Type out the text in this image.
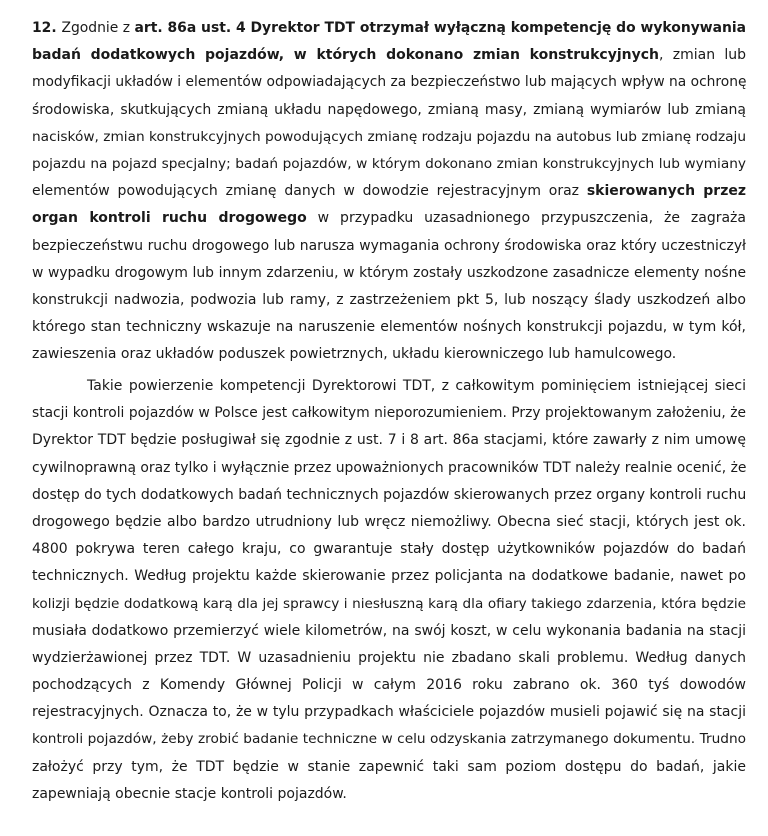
12. Zgodnie z art. 86a ust. 4 Dyrektor TDT otrzymał wyłączną kompetencję do wykonywania
badań dodatkowych pojazdów, w których dokonano zmian konstrukcyjnych, zmian lub
modyfikacji układów i elementów odpowiadających za bezpieczeństwo lub mających wpływ na ochronę
środowiska, skutkujących zmianą układu napędowego, zmianą masy, zmianą wymiarów lub zmianą
nacisków, zmian konstrukcyjnych powodujących zmianę rodzaju pojazdu na autobus lub zmianę rodzaju
pojazdu na pojazd specjalny; badań pojazdów, w którym dokonano zmian konstrukcyjnych lub wymiany
elementów powodujących zmianę danych w dowodzie rejestracyjnym oraz skierowanych przez
organ kontroli ruchu drogowego w przypadku uzasadnionego przypuszczenia, że zagraża
bezpieczeństwu ruchu drogowego lub narusza wymagania ochrony środowiska oraz który uczestniczył
w wypadku drogowym lub innym zdarzeniu, w którym zostały uszkodzone zasadnicze elementy nośne
konstrukcji nadwozia, podwozia lub ramy, z zastrzeżeniem pkt 5, lub noszący ślady uszkodzeń albo
którego stan techniczny wskazuje na naruszenie elementów nośnych konstrukcji pojazdu, w tym kół,
zawieszenia oraz układów poduszek powietrznych, układu kierowniczego lub hamulcowego.
Takie powierzenie kompetencji Dyrektorowi TDT, z całkowitym pominięciem istniejącej sieci
stacji kontroli pojazdów w Polsce jest całkowitym nieporozumieniem. Przy projektowanym założeniu, że
Dyrektor TDT będzie posługiwał się zgodnie z ust. 7 i 8 art. 86a stacjami, które zawarły z nim umowę
cywilnoprawną oraz tylko i wyłącznie przez upoważnionych pracowników TDT należy realnie ocenić, że
dostęp do tych dodatkowych badań technicznych pojazdów skierowanych przez organy kontroli ruchu
drogowego będzie albo bardzo utrudniony lub wręcz niemożliwy. Obecna sieć stacji, których jest ok.
4800 pokrywa teren całego kraju, co gwarantuje stały dostęp użytkowników pojazdów do badań
technicznych. Według projektu każde skierowanie przez policjanta na dodatkowe badanie, nawet po
kolizji będzie dodatkową karą dla jej sprawcy i niesłuszną karą dla ofiary takiego zdarzenia, która będzie
musiała dodatkowo przemierzyć wiele kilometrów, na swój koszt, w celu wykonania badania na stacji
wydzierżawionej przez TDT. W uzasadnieniu projektu nie zbadano skali problemu. Według danych
pochodzących z Komendy Głównej Policji w całym 2016 roku zabrano ok. 360 tyś dowodów
rejestracyjnych. Oznacza to, że w tylu przypadkach właściciele pojazdów musieli pojawić się na stacji
kontroli pojazdów, żeby zrobić badanie techniczne w celu odzyskania zatrzymanego dokumentu. Trudno
założyć przy tym, że TDT będzie w stanie zapewnić taki sam poziom dostępu do badań, jakie
zapewniają obecnie stacje kontroli pojazdów.
